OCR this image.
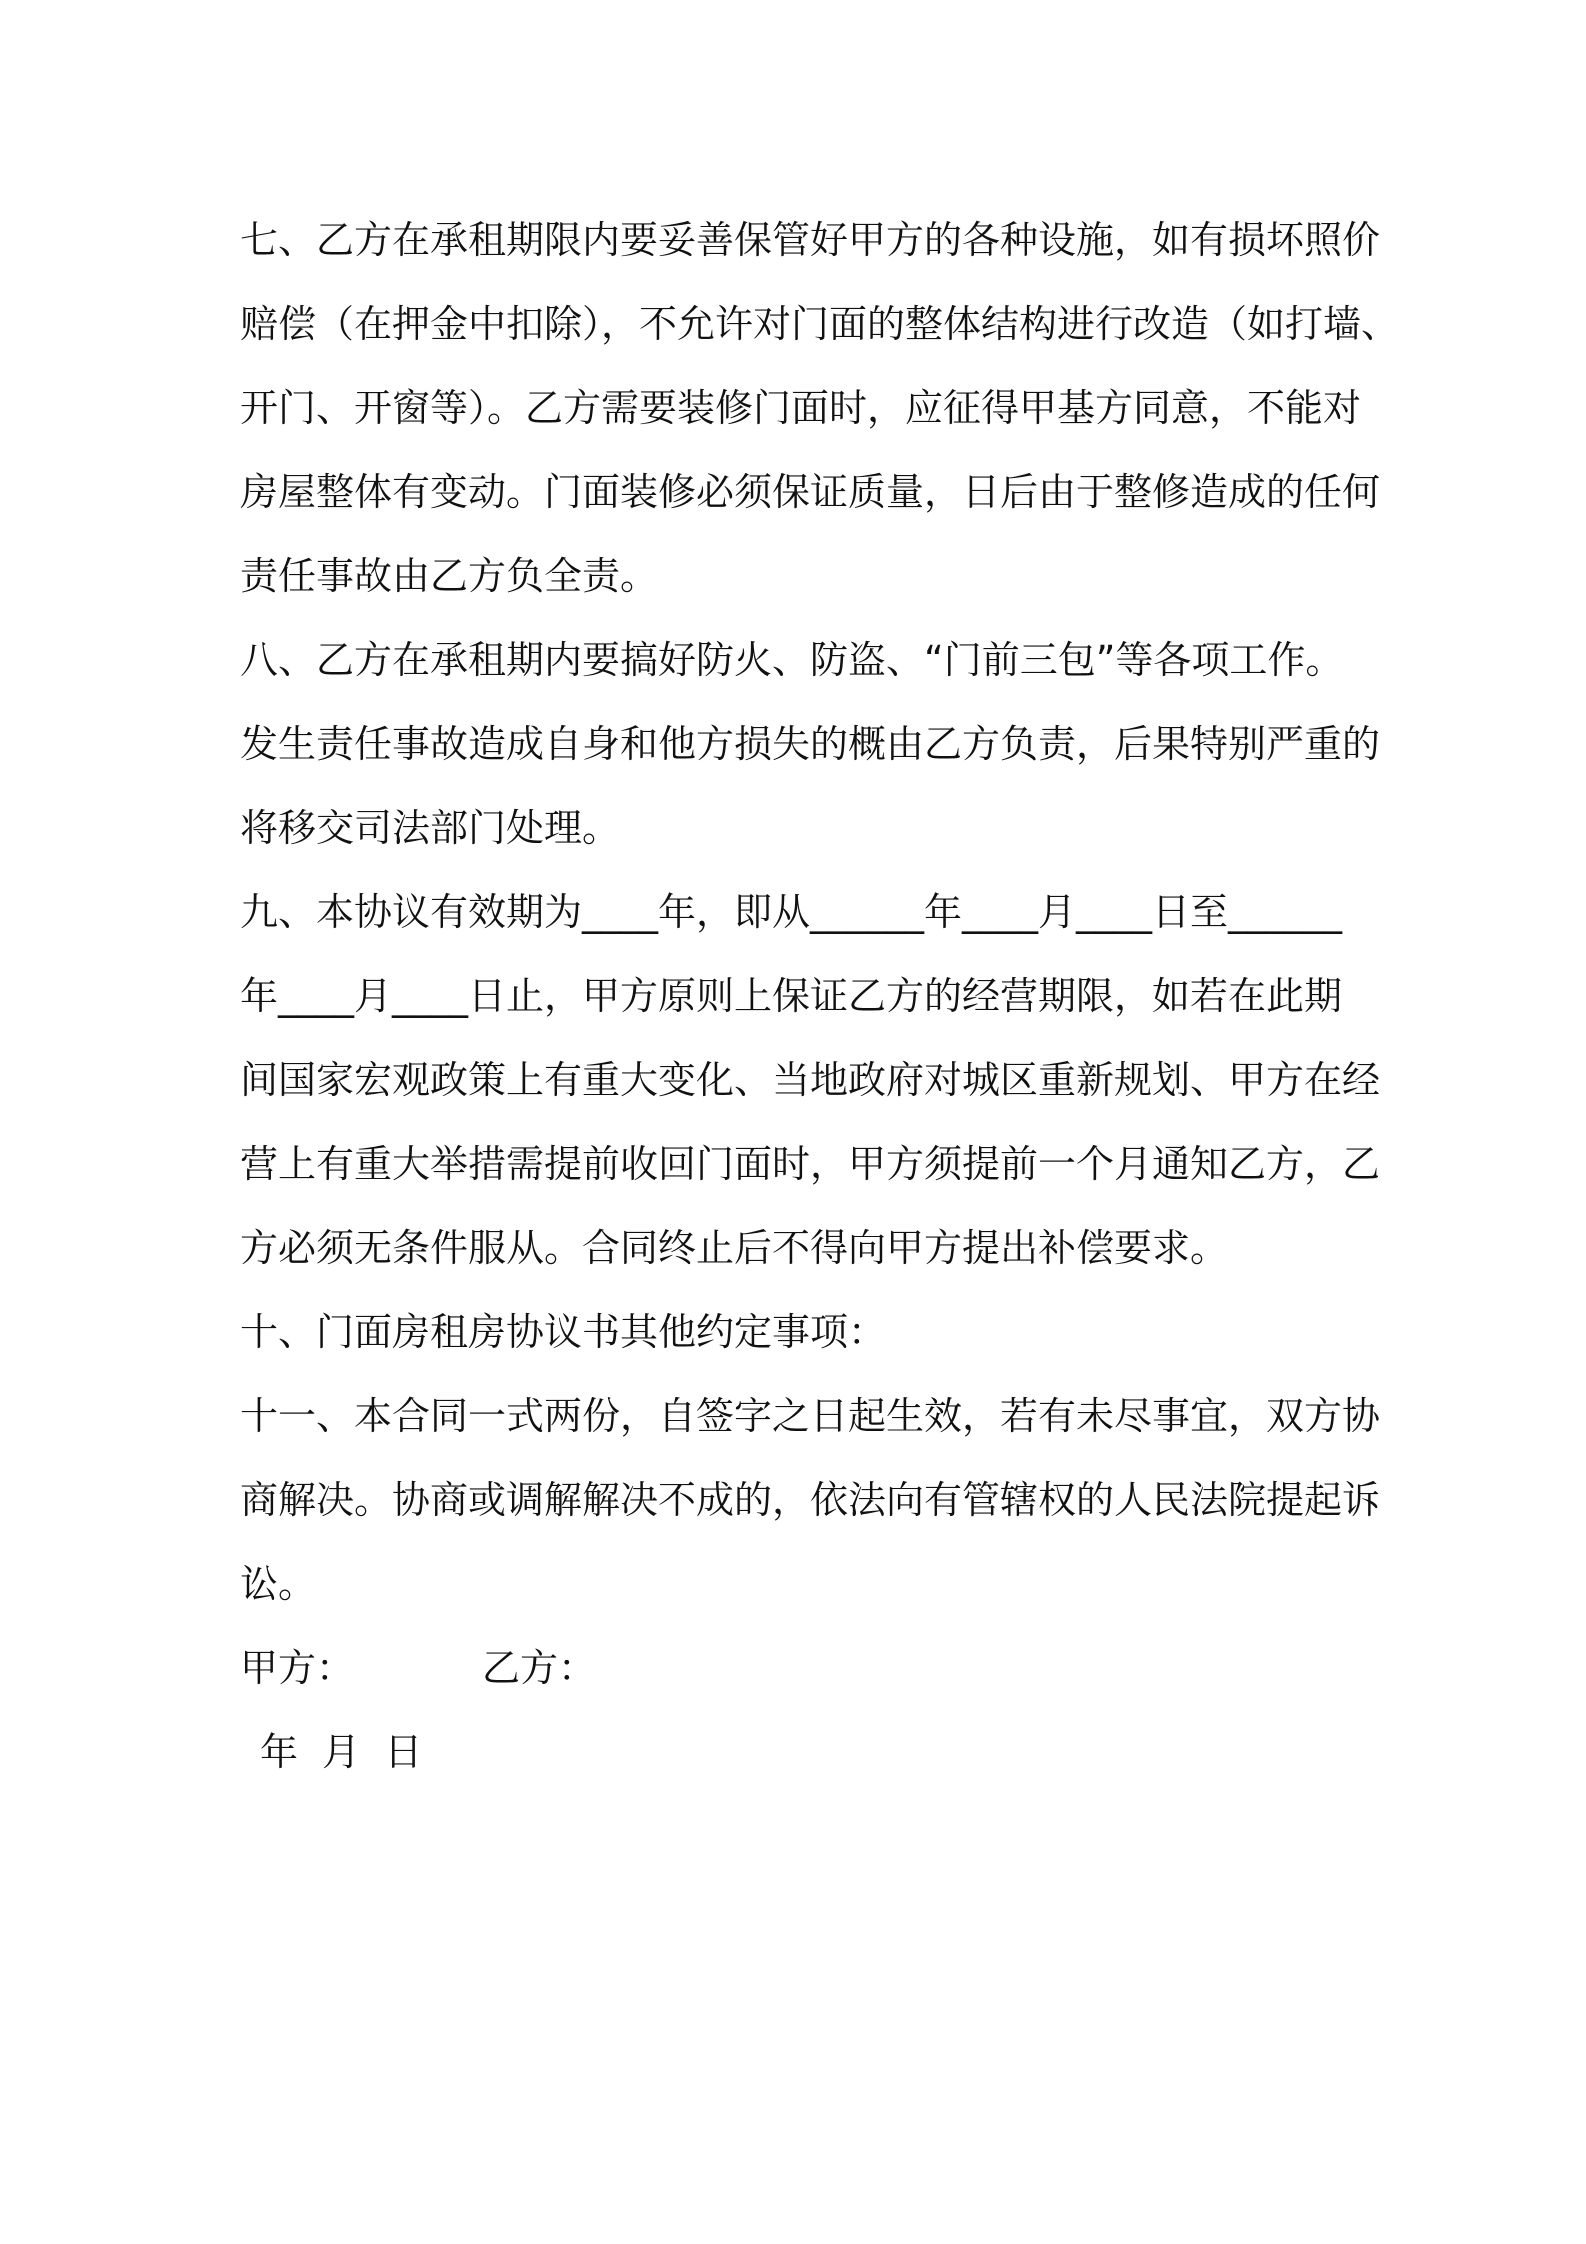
七、乙方在承租期限内要妥善保管好甲方的各种设施，如有损坏照价
赔偿（在押金中扣除），不允许对门面的整体结构进行改造（如打墙、
开门、开窗等）。乙方需要装修门面时，应征得甲基方同意，不能对
房屋整体有变动。门面装修必须保证质量，日后由于整修造成的任何
责任事故由乙方负全责。
八、乙方在承租期内要搞好防火、防盗、“门前三包”等各项工作。
发生责任事故造成自身和他方损失的概由乙方负责，后果特别严重的
将移交司法部门处理。
九、本协议有效期为____年，即从______年____月____日至______
年____月____日止，甲方原则上保证乙方的经营期限，如若在此期
间国家宏观政策上有重大变化、当地政府对城区重新规划、甲方在经
营上有重大举措需提前收回门面时，甲方须提前一个月通知乙方，乙
方必须无条件服从。合同终止后不得向甲方提出补偿要求。
十、门面房租房协议书其他约定事项：
十一、本合同一式两份，自签字之日起生效，若有未尽事宜，双方协
商解决。协商或调解解决不成的，依法向有管辖权的人民法院提起诉
讼。
甲方：	乙方：
年  月  日
